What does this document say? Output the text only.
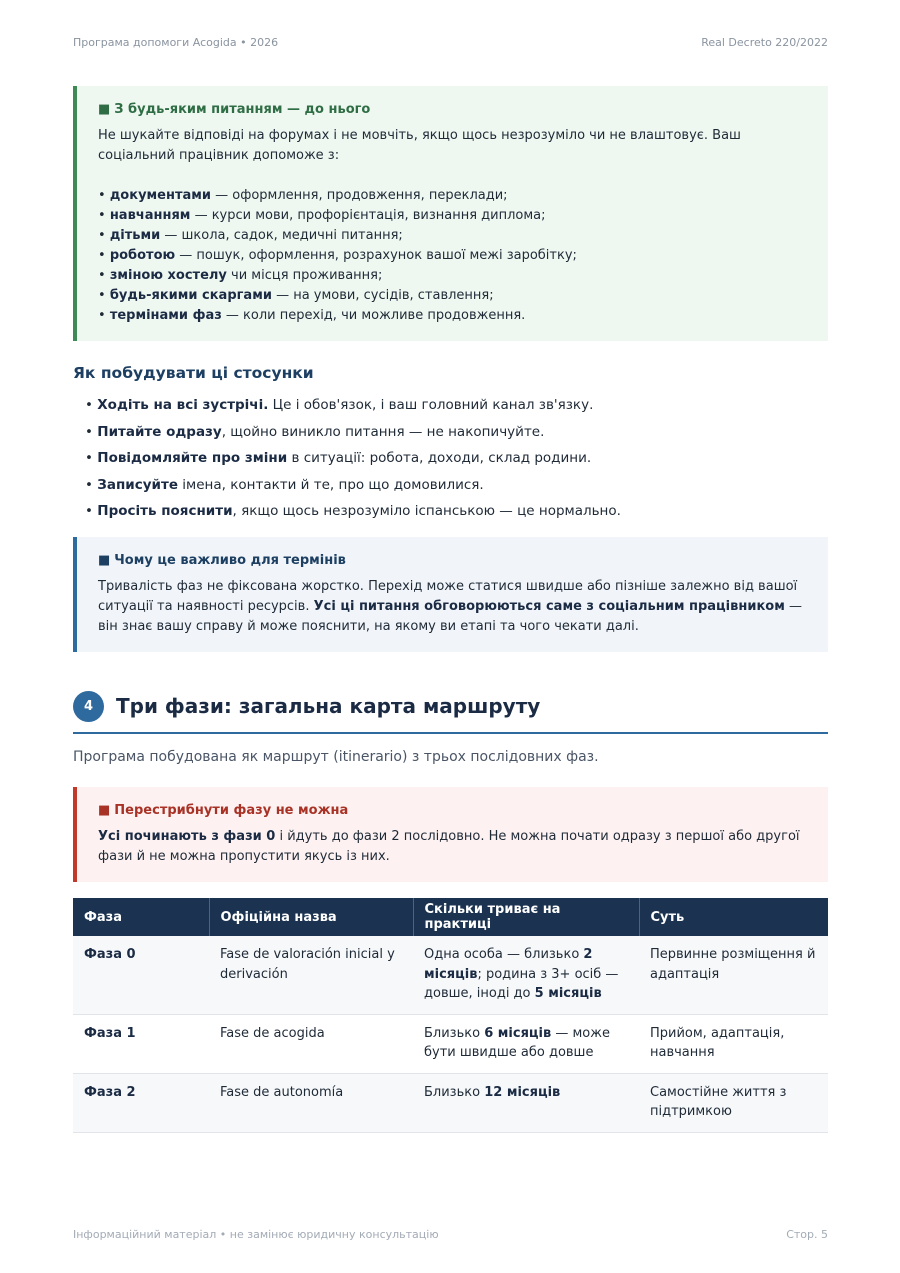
Програма допомоги Acogida • 2026	Real Decreto 220/2022
■ З будь-яким питанням — до нього

Не шукайте відповіді на форумах і не мовчіть, якщо щось незрозуміло чи не влаштовує. Ваш соціальний працівник допоможе з:

• документами — оформлення, продовження, переклади;
• навчанням — курси мови, профорієнтація, визнання диплома;
• дітьми — школа, садок, медичні питання;
• роботою — пошук, оформлення, розрахунок вашої межі заробітку;
• зміною хостелу чи місця проживання;
• будь-якими скаргами — на умови, сусідів, ставлення;
• термінами фаз — коли перехід, чи можливе продовження.
Як побудувати ці стосунки
• Ходіть на всі зустрічі. Це і обов'язок, і ваш головний канал зв'язку.
• Питайте одразу, щойно виникло питання — не накопичуйте.
• Повідомляйте про зміни в ситуації: робота, доходи, склад родини.
• Записуйте імена, контакти й те, про що домовилися.
• Просіть пояснити, якщо щось незрозуміло іспанською — це нормально.
■ Чому це важливо для термінів

Тривалість фаз не фіксована жорстко. Перехід може статися швидше або пізніше залежно від вашої ситуації та наявності ресурсів. Усі ці питання обговорюються саме з соціальним працівником — він знає вашу справу й може пояснити, на якому ви етапі та чого чекати далі.

4	Три фази: загальна карта маршруту
Програма побудована як маршрут (itinerario) з трьох послідовних фаз.
■ Перестрибнути фазу не можна

Усі починають з фази 0 і йдуть до фази 2 послідовно. Не можна почати одразу з першої або другої фази й не можна пропустити якусь із них.

Фаза	Офіційна назва	Скільки триває на практиці	Суть
Фаза 0	Fase de valoración inicial y derivación	Одна особа — близько 2 місяців; родина з 3+ осіб — довше, іноді до 5 місяців	Первинне розміщення й адаптація
Фаза 1	Fase de acogida	Близько 6 місяців — може бути швидше або довше	Прийом, адаптація, навчання
Фаза 2	Fase de autonomía	Близько 12 місяців	Самостійне життя з підтримкою
Інформаційний матеріал • не замінює юридичну консультацію	Стор. 5
